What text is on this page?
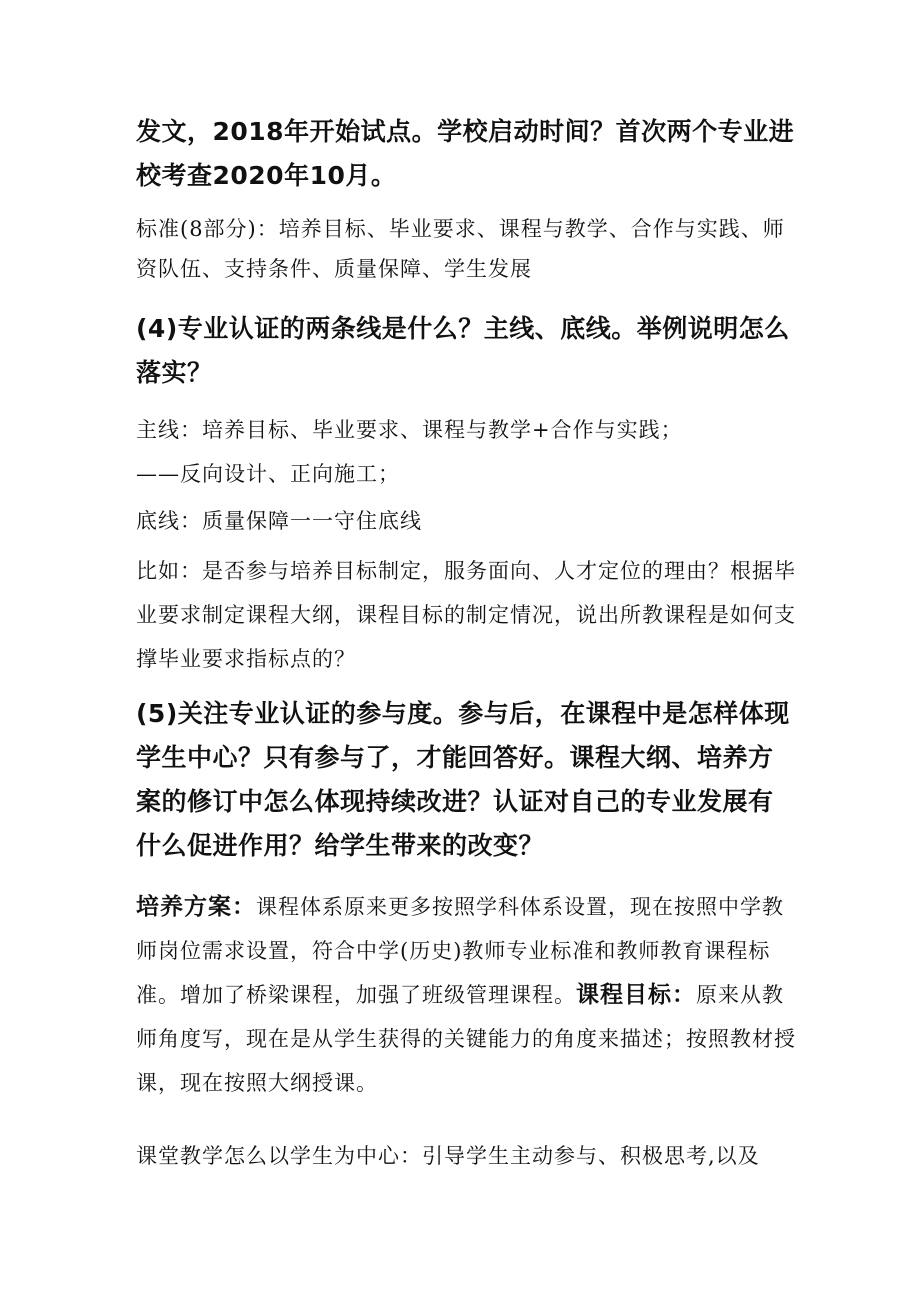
发文，2018年开始试点。学校启动时间？首次两个专业进校考查2020年10月。

标准(8部分)：培养目标、毕业要求、课程与教学、合作与实践、师资队伍、支持条件、质量保障、学生发展

(4)专业认证的两条线是什么？主线、底线。举例说明怎么落实？

主线：培养目标、毕业要求、课程与教学+合作与实践；

——反向设计、正向施工；

底线：质量保障一一守住底线

比如：是否参与培养目标制定，服务面向、人才定位的理由？根据毕业要求制定课程大纲，课程目标的制定情况，说出所教课程是如何支撑毕业要求指标点的？

(5)关注专业认证的参与度。参与后，在课程中是怎样体现学生中心？只有参与了，才能回答好。课程大纲、培养方案的修订中怎么体现持续改进？认证对自己的专业发展有什么促进作用？给学生带来的改变？

培养方案：课程体系原来更多按照学科体系设置，现在按照中学教师岗位需求设置，符合中学(历史)教师专业标准和教师教育课程标准。增加了桥梁课程，加强了班级管理课程。课程目标：原来从教师角度写，现在是从学生获得的关键能力的角度来描述；按照教材授课，现在按照大纲授课。

课堂教学怎么以学生为中心：引导学生主动参与、积极思考,以及
